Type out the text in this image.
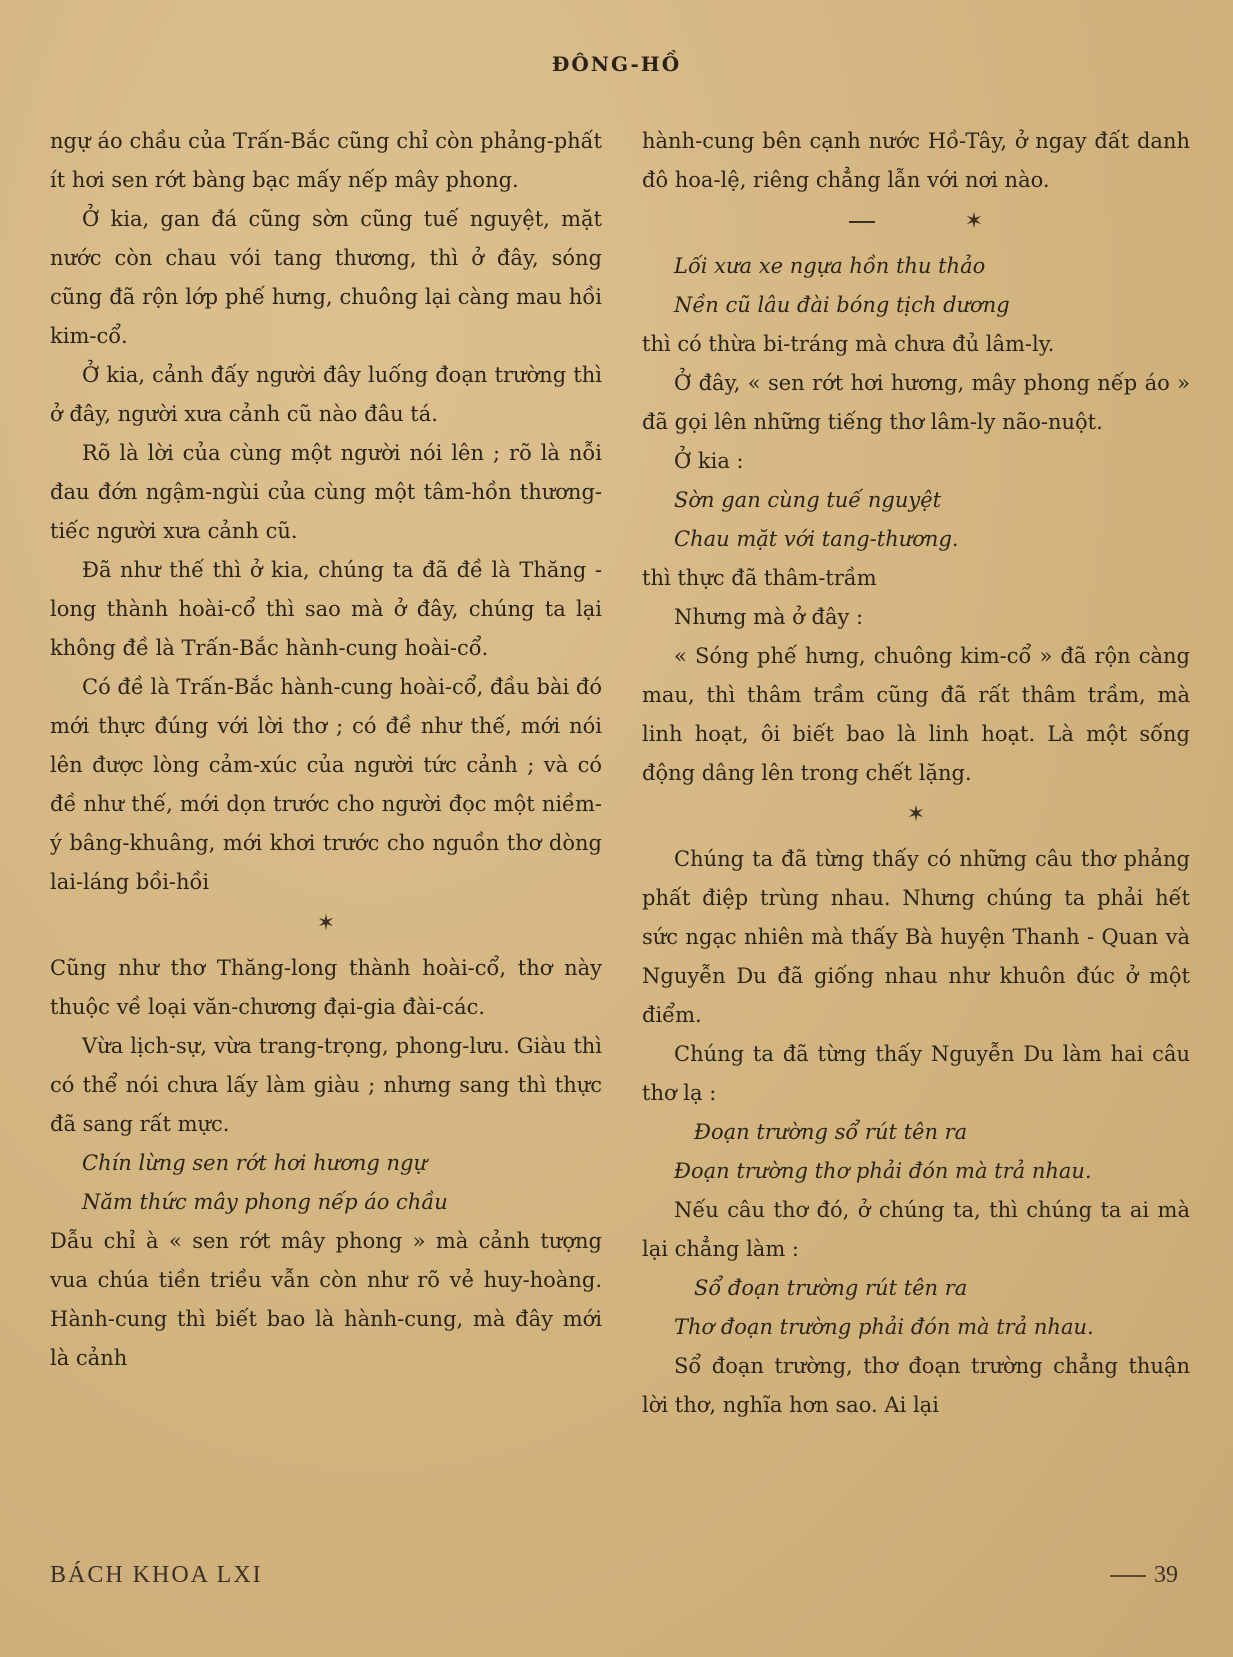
ĐÔNG-HỒ

ngự áo chầu của Trấn-Bắc cũng chỉ còn phảng-phất ít hơi sen rớt bàng bạc mấy nếp mây phong.

Ở kia, gan đá cũng sờn cũng tuế nguyệt, mặt nước còn chau vói tang thương, thì ở đây, sóng cũng đã rộn lớp phế hưng, chuông lại càng mau hồi kim-cổ.

Ở kia, cảnh đấy người đây luống đoạn trường thì ở đây, người xưa cảnh cũ nào đâu tá.

Rõ là lời của cùng một người nói lên ; rõ là nỗi đau đớn ngậm-ngùi của cùng một tâm-hồn thương-tiếc người xưa cảnh cũ.

Đã như thế thì ở kia, chúng ta đã đề là Thăng - long thành hoài-cổ thì sao mà ở đây, chúng ta lại không đề là Trấn-Bắc hành-cung hoài-cổ.

Có đề là Trấn-Bắc hành-cung hoài-cổ, đầu bài đó mới thực đúng với lời thơ ; có đề như thế, mới nói lên được lòng cảm-xúc của người tức cảnh ; và có đề như thế, mới dọn trước cho người đọc một niềm-ý bâng-khuâng, mới khơi trước cho nguồn thơ dòng lai-láng bồi-hồi

✶

Cũng như thơ Thăng-long thành hoài-cổ, thơ này thuộc về loại văn-chương đại-gia đài-các.

Vừa lịch-sự, vừa trang-trọng, phong-lưu. Giàu thì có thể nói chưa lấy làm giàu ; nhưng sang thì thực đã sang rất mực.

Chín lừng sen rớt hơi hương ngự

Năm thức mây phong nếp áo chầu

Dẫu chỉ à « sen rớt mây phong » mà cảnh tượng vua chúa tiền triều vẫn còn như rõ vẻ huy-hoàng. Hành-cung thì biết bao là hành-cung, mà đây mới là cảnh

hành-cung bên cạnh nước Hồ-Tây, ở ngay đất danh đô hoa-lệ, riêng chẳng lẫn với nơi nào.

✶

Lối xưa xe ngựa hồn thu thảo

Nền cũ lâu đài bóng tịch dương

thì có thừa bi-tráng mà chưa đủ lâm-ly.

Ở đây, « sen rớt hơi hương, mây phong nếp áo » đã gọi lên những tiếng thơ lâm-ly não-nuột.

Ở kia :

Sờn gan cùng tuế nguyệt

Chau mặt với tang-thương.

thì thực đã thâm-trầm

Nhưng mà ở đây :

« Sóng phế hưng, chuông kim-cổ » đã rộn càng mau, thì thâm trầm cũng đã rất thâm trầm, mà linh hoạt, ôi biết bao là linh hoạt. Là một sống động dâng lên trong chết lặng.

✶

Chúng ta đã từng thấy có những câu thơ phảng phất điệp trùng nhau. Nhưng chúng ta phải hết sức ngạc nhiên mà thấy Bà huyện Thanh - Quan và Nguyễn Du đã giống nhau như khuôn đúc ở một điểm.

Chúng ta đã từng thấy Nguyễn Du làm hai câu thơ lạ :

Đoạn trường sổ rút tên ra

Đoạn trường thơ phải đón mà trả nhau.

Nếu câu thơ đó, ở chúng ta, thì chúng ta ai mà lại chẳng làm :

Sổ đoạn trường rút tên ra

Thơ đoạn trường phải đón mà trả nhau.

Sổ đoạn trường, thơ đoạn trường chẳng thuận lời thơ, nghĩa hơn sao. Ai lại

BÁCH KHOA LXI	39
